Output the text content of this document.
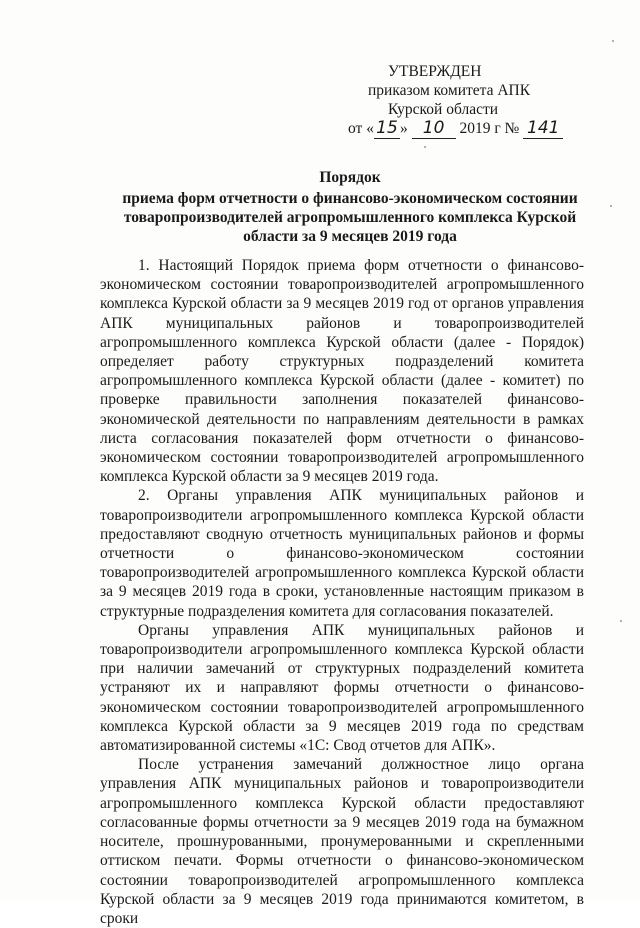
УТВЕРЖДЕН
приказом комитета АПК
Курской области
от « 15 » 10 2019 г № 141
Порядок
приема форм отчетности о финансово-экономическом состоянии
товаропроизводителей агропромышленного комплекса Курской
области за 9 месяцев 2019 года

1. Настоящий Порядок приема форм отчетности о финансово-экономическом состоянии товаропроизводителей агропромышленного комплекса Курской области за 9 месяцев 2019 год от органов управления АПК муниципальных районов и товаропроизводителей агропромышленного комплекса Курской области (далее - Порядок) определяет работу структурных подразделений комитета агропромышленного комплекса Курской области (далее - комитет) по проверке правильности заполнения показателей финансово-экономической деятельности по направлениям деятельности в рамках листа согласования показателей форм отчетности о финансово-экономическом состоянии товаропроизводителей агропромышленного комплекса Курской области за 9 месяцев 2019 года.

2. Органы управления АПК муниципальных районов и товаропроизводители агропромышленного комплекса Курской области предоставляют сводную отчетность муниципальных районов и формы отчетности о финансово-экономическом состоянии товаропроизводителей агропромышленного комплекса Курской области за 9 месяцев 2019 года в сроки, установленные настоящим приказом в структурные подразделения комитета для согласования показателей.

Органы управления АПК муниципальных районов и товаропроизводители агропромышленного комплекса Курской области при наличии замечаний от структурных подразделений комитета устраняют их и направляют формы отчетности о финансово-экономическом состоянии товаропроизводителей агропромышленного комплекса Курской области за 9 месяцев 2019 года по средствам автоматизированной системы «1С: Свод отчетов для АПК».

После устранения замечаний должностное лицо органа управления АПК муниципальных районов и товаропроизводители агропромышленного комплекса Курской области предоставляют согласованные формы отчетности за 9 месяцев 2019 года на бумажном носителе, прошнурованными, пронумерованными и скрепленными оттиском печати. Формы отчетности о финансово-экономическом состоянии товаропроизводителей агропромышленного комплекса Курской области за 9 месяцев 2019 года принимаются комитетом, в сроки
